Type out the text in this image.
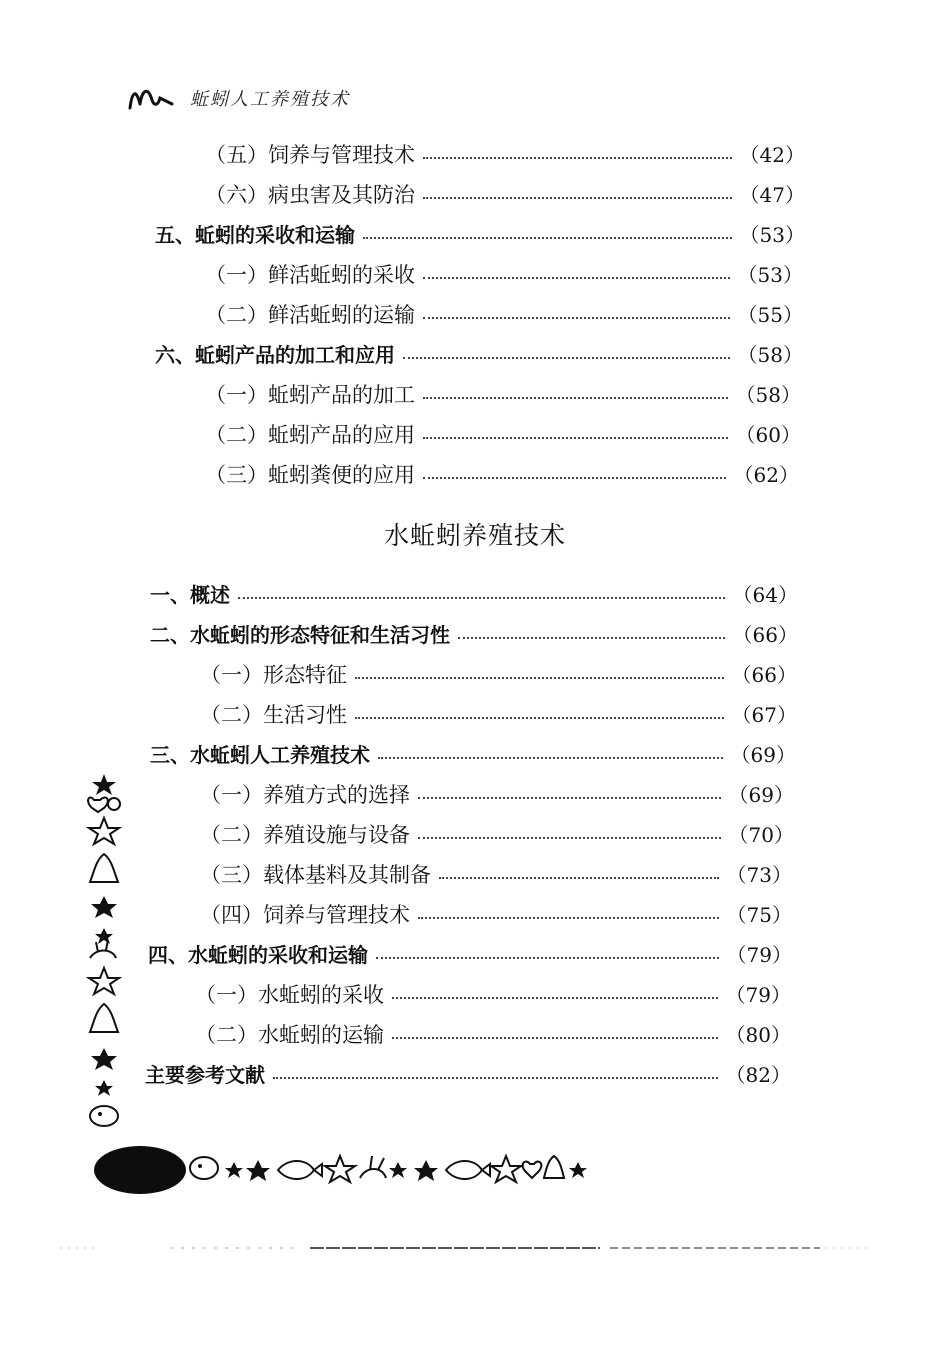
蚯蚓人工养殖技术
（五）饲养与管理技术	（42）
（六）病虫害及其防治	（47）
五、蚯蚓的采收和运输	（53）
（一）鲜活蚯蚓的采收	（53）
（二）鲜活蚯蚓的运输	（55）
六、蚯蚓产品的加工和应用	（58）
（一）蚯蚓产品的加工	（58）
（二）蚯蚓产品的应用	（60）
（三）蚯蚓粪便的应用	（62）
水蚯蚓养殖技术
一、概述	（64）
二、水蚯蚓的形态特征和生活习性	（66）
（一）形态特征	（66）
（二）生活习性	（67）
三、水蚯蚓人工养殖技术	（69）
（一）养殖方式的选择	（69）
（二）养殖设施与设备	（70）
（三）载体基料及其制备	（73）
（四）饲养与管理技术	（75）
四、水蚯蚓的采收和运输	（79）
（一）水蚯蚓的采收	（79）
（二）水蚯蚓的运输	（80）
主要参考文献	（82）
